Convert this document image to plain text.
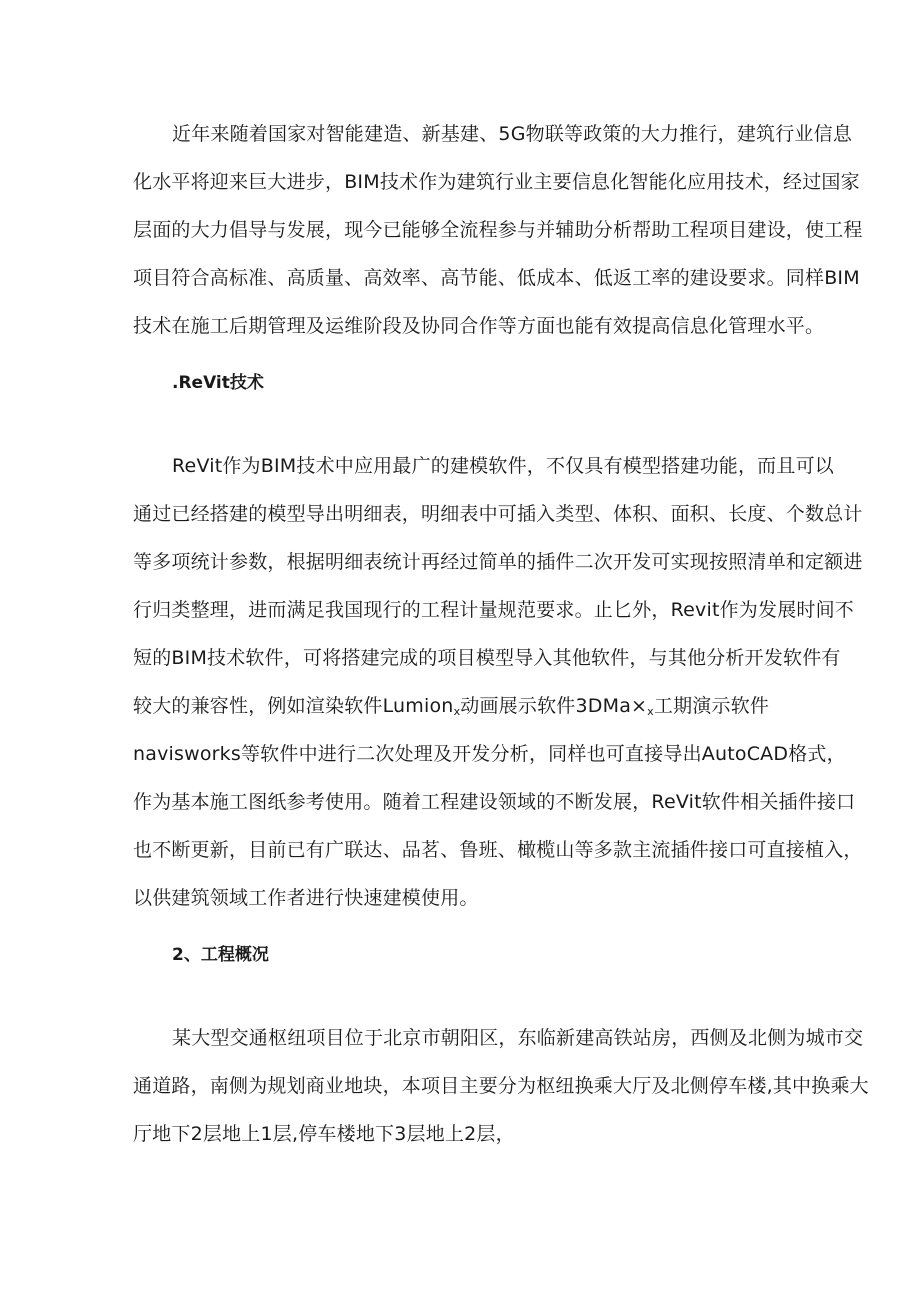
近年来随着国家对智能建造、新基建、5G物联等政策的大力推行，建筑行业信息
化水平将迎来巨大进步，BIM技术作为建筑行业主要信息化智能化应用技术，经过国家
层面的大力倡导与发展，现今已能够全流程参与并辅助分析帮助工程项目建设，使工程
项目符合高标准、高质量、高效率、高节能、低成本、低返工率的建设要求。同样BIM
技术在施工后期管理及运维阶段及协同合作等方面也能有效提高信息化管理水平。
.ReVit技术
ReVit作为BIM技术中应用最广的建模软件，不仅具有模型搭建功能，而且可以
通过已经搭建的模型导出明细表，明细表中可插入类型、体积、面积、长度、个数总计
等多项统计参数，根据明细表统计再经过简单的插件二次开发可实现按照清单和定额进
行归类整理，进而满足我国现行的工程计量规范要求。止匕外，Revit作为发展时间不
短的BIM技术软件，可将搭建完成的项目模型导入其他软件，与其他分析开发软件有
较大的兼容性，例如渲染软件Lumion$_x$动画展示软件$3DMa\times_x$工期演示软件
navisworks等软件中进行二次处理及开发分析，同样也可直接导出AutoCAD格式，
作为基本施工图纸参考使用。随着工程建设领域的不断发展，ReVit软件相关插件接口
也不断更新，目前已有广联达、品茗、鲁班、橄榄山等多款主流插件接口可直接植入，
以供建筑领域工作者进行快速建模使用。
2、工程概况
某大型交通枢纽项目位于北京市朝阳区，东临新建高铁站房，西侧及北侧为城市交
通道路，南侧为规划商业地块，本项目主要分为枢纽换乘大厅及北侧停车楼,其中换乘大
厅地下2层地上1层,停车楼地下3层地上2层，
